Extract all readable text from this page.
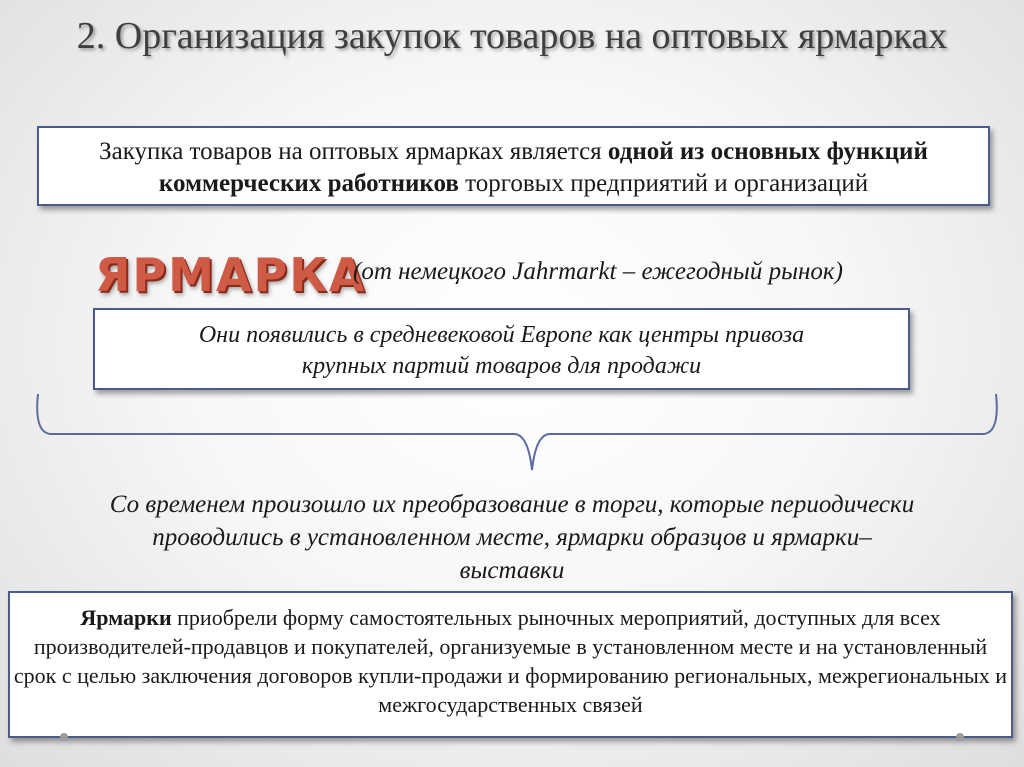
2. Организация закупок товаров на оптовых ярмарках
Закупка товаров на оптовых ярмарках является одной из основных функций коммерческих работников торговых предприятий и организаций
ЯРМАРКА
(от немецкого Jahrmarkt – ежегодный рынок)
Они появились в средневековой Европе как центры привоза
крупных партий товаров для продажи
Со временем произошло их преобразование в торги, которые периодически
проводились в установленном месте, ярмарки образцов и ярмарки–
выставки
Ярмарки приобрели форму самостоятельных рыночных мероприятий, доступных для всех производителей-продавцов и покупателей, организуемые в установленном месте и на установленный срок с целью заключения договоров купли-продажи и формированию региональных, межрегиональных и межгосударственных связей
